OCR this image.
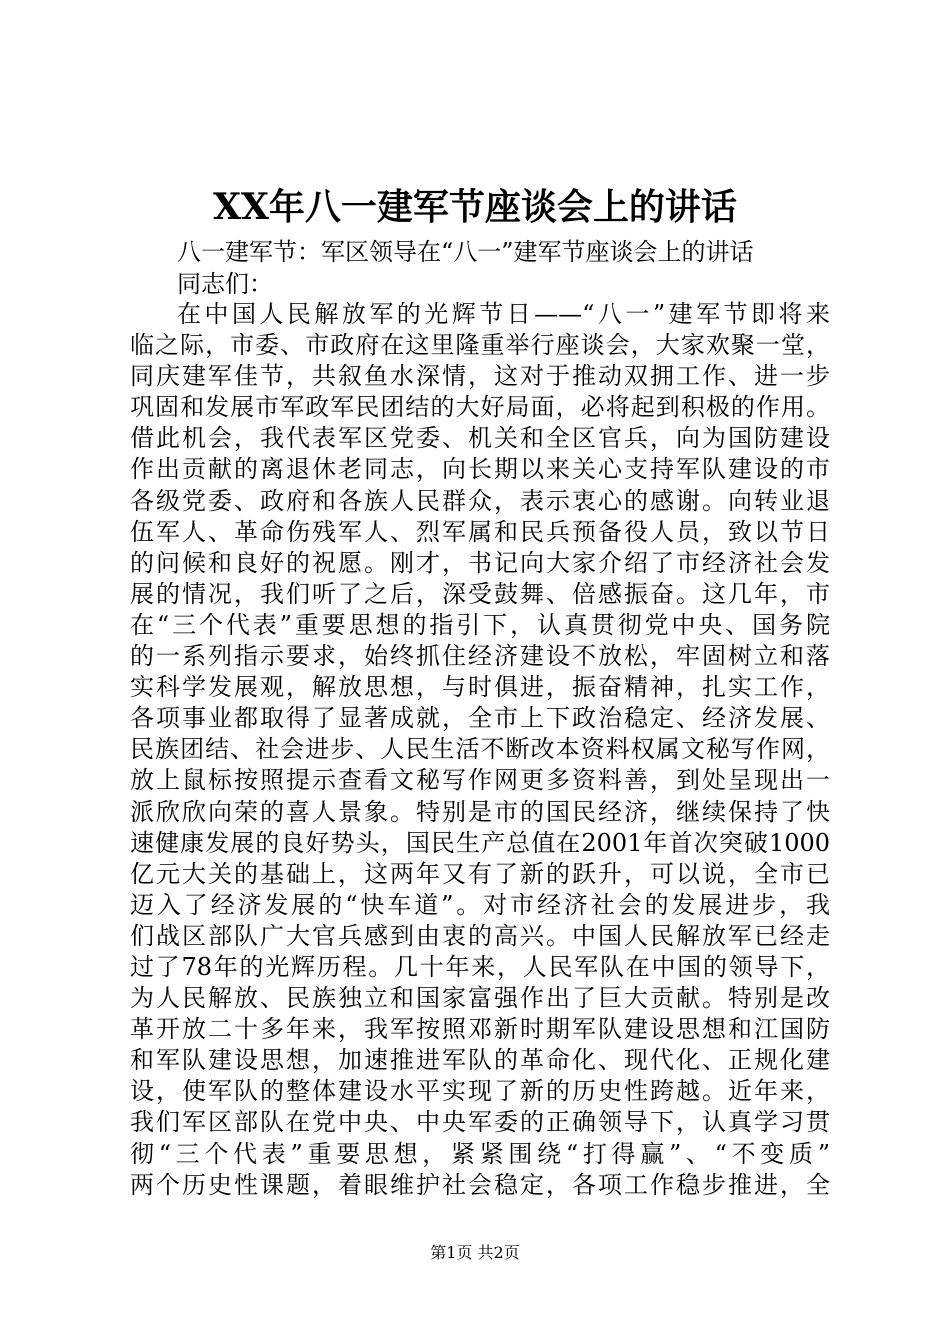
XX年八一建军节座谈会上的讲话
八一建军节：军区领导在“八一”建军节座谈会上的讲话
同志们：
在中国人民解放军的光辉节日——“八一”建军节即将来
临之际，市委、市政府在这里隆重举行座谈会，大家欢聚一堂，
同庆建军佳节，共叙鱼水深情，这对于推动双拥工作、进一步
巩固和发展市军政军民团结的大好局面，必将起到积极的作用。
借此机会，我代表军区党委、机关和全区官兵，向为国防建设
作出贡献的离退休老同志，向长期以来关心支持军队建设的市
各级党委、政府和各族人民群众，表示衷心的感谢。向转业退
伍军人、革命伤残军人、烈军属和民兵预备役人员，致以节日
的问候和良好的祝愿。刚才，书记向大家介绍了市经济社会发
展的情况，我们听了之后，深受鼓舞、倍感振奋。这几年，市
在“三个代表”重要思想的指引下，认真贯彻党中央、国务院
的一系列指示要求，始终抓住经济建设不放松，牢固树立和落
实科学发展观，解放思想，与时俱进，振奋精神，扎实工作，
各项事业都取得了显著成就，全市上下政治稳定、经济发展、
民族团结、社会进步、人民生活不断改本资料权属文秘写作网，
放上鼠标按照提示查看文秘写作网更多资料善，到处呈现出一
派欣欣向荣的喜人景象。特别是市的国民经济，继续保持了快
速健康发展的良好势头，国民生产总值在2001年首次突破1000
亿元大关的基础上，这两年又有了新的跃升，可以说，全市已
迈入了经济发展的“快车道”。对市经济社会的发展进步，我
们战区部队广大官兵感到由衷的高兴。中国人民解放军已经走
过了78年的光辉历程。几十年来，人民军队在中国的领导下，
为人民解放、民族独立和国家富强作出了巨大贡献。特别是改
革开放二十多年来，我军按照邓新时期军队建设思想和江国防
和军队建设思想，加速推进军队的革命化、现代化、正规化建
设，使军队的整体建设水平实现了新的历史性跨越。近年来，
我们军区部队在党中央、中央军委的正确领导下，认真学习贯
彻“三个代表”重要思想，紧紧围绕“打得赢”、“不变质”
两个历史性课题，着眼维护社会稳定，各项工作稳步推进，全
第1页 共2页
